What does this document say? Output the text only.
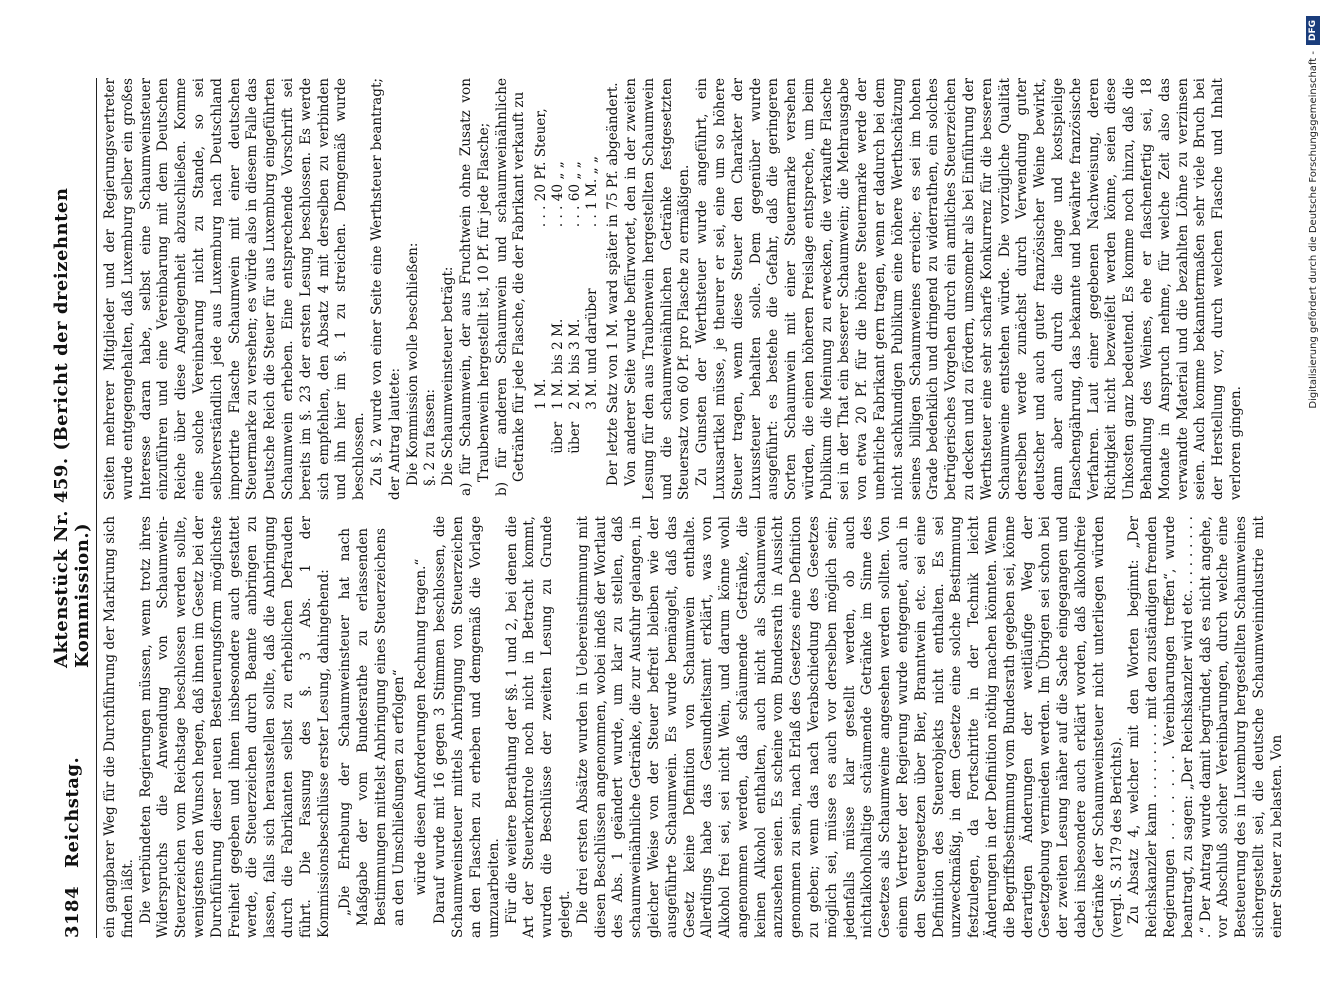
3184
Reichstag.
Aktenstück Nr. 459. (Bericht der dreizehnten Kommission.) ein gangbarer Weg für die Durchführung der Markirung sich finden läßt. Die verbündeten Regierungen müssen, wenn trotz ihres Widerspruchs die Anwendung von Schaumwein-Steuerzeichen vom Reichstage beschlossen werden sollte, wenigstens den Wunsch hegen, daß ihnen im Gesetz bei der Durchführung dieser neuen Besteuerungsform möglichste Freiheit gegeben und ihnen insbesondere auch gestattet werde, die Steuerzeichen durch Beamte anbringen zu lassen, falls sich herausstellen sollte, daß die Anbringung durch die Fabrikanten selbst zu erheblichen Defrauden führt. Die Fassung des §. 3 Abs. 1 der Kommissionsbeschlüsse erster Lesung, dahingehend: „Die Erhebung der Schaumweinsteuer hat nach Maßgabe der vom Bundesrathe zu erlassenden Bestimmungen mittelst Anbringung eines Steuerzeichens an den Umschließungen zu erfolgen“ würde diesen Anforderungen Rechnung tragen.“ Darauf wurde mit 16 gegen 3 Stimmen beschlossen, die Schaumweinsteuer mittels Anbringung von Steuerzeichen an den Flaschen zu erheben und demgemäß die Vorlage umzuarbeiten. Für die weitere Berathung der §§. 1 und 2, bei denen die Art der Steuerkontrole noch nicht in Betracht kommt, wurden die Beschlüsse der zweiten Lesung zu Grunde gelegt. Die drei ersten Absätze wurden in Uebereinstimmung mit diesen Beschlüssen angenommen, wobei indeß der Wortlaut des Abs. 1 geändert wurde, um klar zu stellen, daß schaumweinähnliche Getränke, die zur Ausfuhr gelangen, in gleicher Weise von der Steuer befreit bleiben wie der ausgeführte Schaumwein. Es wurde bemängelt, daß das Gesetz keine Definition von Schaumwein enthalte. Allerdings habe das Gesundheitsamt erklärt, was von Alkohol frei sei, sei nicht Wein, und darum könne wohl angenommen werden, daß schäumende Getränke, die keinen Alkohol enthalten, auch nicht als Schaumwein anzusehen seien. Es scheine vom Bundesrath in Aussicht genommen zu sein, nach Erlaß des Gesetzes eine Definition zu geben; wenn das nach Verabschiedung des Gesetzes möglich sei, müsse es auch vor derselben möglich sein; jedenfalls müsse klar gestellt werden, ob auch nichtalkoholhaltige schäumende Getränke im Sinne des Gesetzes als Schaumweine angesehen werden sollten. Von einem Vertreter der Regierung wurde entgegnet, auch in den Steuergesetzen über Bier, Branntwein etc. sei eine Definition des Steuerobjekts nicht enthalten. Es sei unzweckmäßig, in dem Gesetze eine solche Bestimmung festzulegen, da Fortschritte in der Technik leicht Änderungen in der Definition nöthig machen könnten. Wenn die Begriffsbestimmung vom Bundesrath gegeben sei, könne derartigen Änderungen der weitläufige Weg der Gesetzgebung vermieden werden. Im Übrigen sei schon bei der zweiten Lesung näher auf die Sache eingegangen und dabei insbesondere auch erklärt worden, daß alkoholfreie Getränke der Schaumweinsteuer nicht unterliegen würden (vergl. S. 3179 des Berichts). Zu Absatz 4, welcher mit den Worten beginnt: „Der Reichskanzler kann . . . . . . . . . mit den zuständigen fremden Regierungen . . . . . . . Vereinbarungen treffen“, wurde beantragt, zu sagen: „Der Reichskanzler wird etc. . . . . . . . . .“ Der Antrag wurde damit begründet, daß es nicht angehe, vor Abschluß solcher Vereinbarungen, durch welche eine Besteuerung des in Luxemburg hergestellten Schaumweines sichergestellt sei, die deutsche Schaumweinindustrie mit einer Steuer zu belasten. Von

Seiten mehrerer Mitglieder und der Regierungsvertreter wurde entgegengehalten, daß Luxemburg selber ein großes Interesse daran habe, selbst eine Schaumweinsteuer einzuführen und eine Vereinbarung mit dem Deutschen Reiche über diese Angelegenheit abzuschließen. Komme eine solche Vereinbarung nicht zu Stande, so sei selbstverständlich jede aus Luxemburg nach Deutschland importirte Flasche Schaumwein mit einer deutschen Steuermarke zu versehen; es würde also in diesem Falle das Deutsche Reich die Steuer für aus Luxemburg eingeführten Schaumwein erheben. Eine entsprechende Vorschrift sei bereits im §. 23 der ersten Lesung beschlossen. Es werde sich empfehlen, den Absatz 4 mit derselben zu verbinden und ihn hier im §. 1 zu streichen. Demgemäß wurde beschlossen. Zu §. 2 wurde von einer Seite eine Werthsteuer beantragt; der Antrag lautete: Die Kommission wolle beschließen: §. 2 zu fassen: Die Schaumweinsteuer beträgt: a) für Schaumwein, der aus Fruchtwein ohne Zusatz von Traubenwein hergestellt ist, 10 Pf. für jede Flasche; b) für anderen Schaumwein und schaumweinähnliche Getränke für jede Flasche, die der Fabrikant verkauft zu

	1 M.	. . . 20 Pf. Steuer,
über	1 M. bis 2 M.	. . . 40 „ „
über	2 M. bis 3 M.	. . . 60 „ „
	3 M. und darüber	. . 1 M. „ „ Der letzte Satz von 1 M. ward später in 75 Pf. abgeändert. Von anderer Seite wurde befürwortet, den in der zweiten Lesung für den aus Traubenwein hergestellten Schaumwein und die schaumweinähnlichen Getränke festgesetzten Steuersatz von 60 Pf. pro Flasche zu ermäßigen. Zu Gunsten der Werthsteuer wurde angeführt, ein Luxusartikel müsse, je theurer er sei, eine um so höhere Steuer tragen, wenn diese Steuer den Charakter der Luxussteuer behalten solle. Dem gegenüber wurde ausgeführt: es bestehe die Gefahr, daß die geringeren Sorten Schaumwein mit einer Steuermarke versehen würden, die einen höheren Preislage entspreche, um beim Publikum die Meinung zu erwecken, die verkaufte Flasche sei in der That ein besserer Schaumwein; die Mehrausgabe von etwa 20 Pf. für die höhere Steuermarke werde der unehrliche Fabrikant gern tragen, wenn er dadurch bei dem nicht sachkundigen Publikum eine höhere Werthschätzung seines billigen Schaumweines erreiche; es sei im hohen Grade bedenklich und dringend zu widerrathen, ein solches betrügerisches Vorgehen durch ein amtliches Steuerzeichen zu decken und zu fördern, umsomehr als bei Einführung der Werthsteuer eine sehr scharfe Konkurrenz für die besseren Schaumweine entstehen würde. Die vorzügliche Qualität derselben werde zunächst durch Verwendung guter deutscher und auch guter französischer Weine bewirkt, dann aber auch durch die lange und kostspielige Flaschengährung, das bekannte und bewährte französische Verfahren. Laut einer gegebenen Nachweisung, deren Richtigkeit nicht bezweifelt werden könne, seien diese Unkosten ganz bedeutend. Es komme noch hinzu, daß die Behandlung des Weines, ehe er flaschenfertig sei, 18 Monate in Anspruch nehme, für welche Zeit also das verwandte Material und die bezahlten Löhne zu verzinsen seien. Auch komme bekanntermaßen sehr viele Bruch bei der Herstellung vor, durch welchen Flasche und Inhalt verloren gingen.

Digitalisierung gefördert durch die Deutsche Forschungsgemeinschaft -
DFG
